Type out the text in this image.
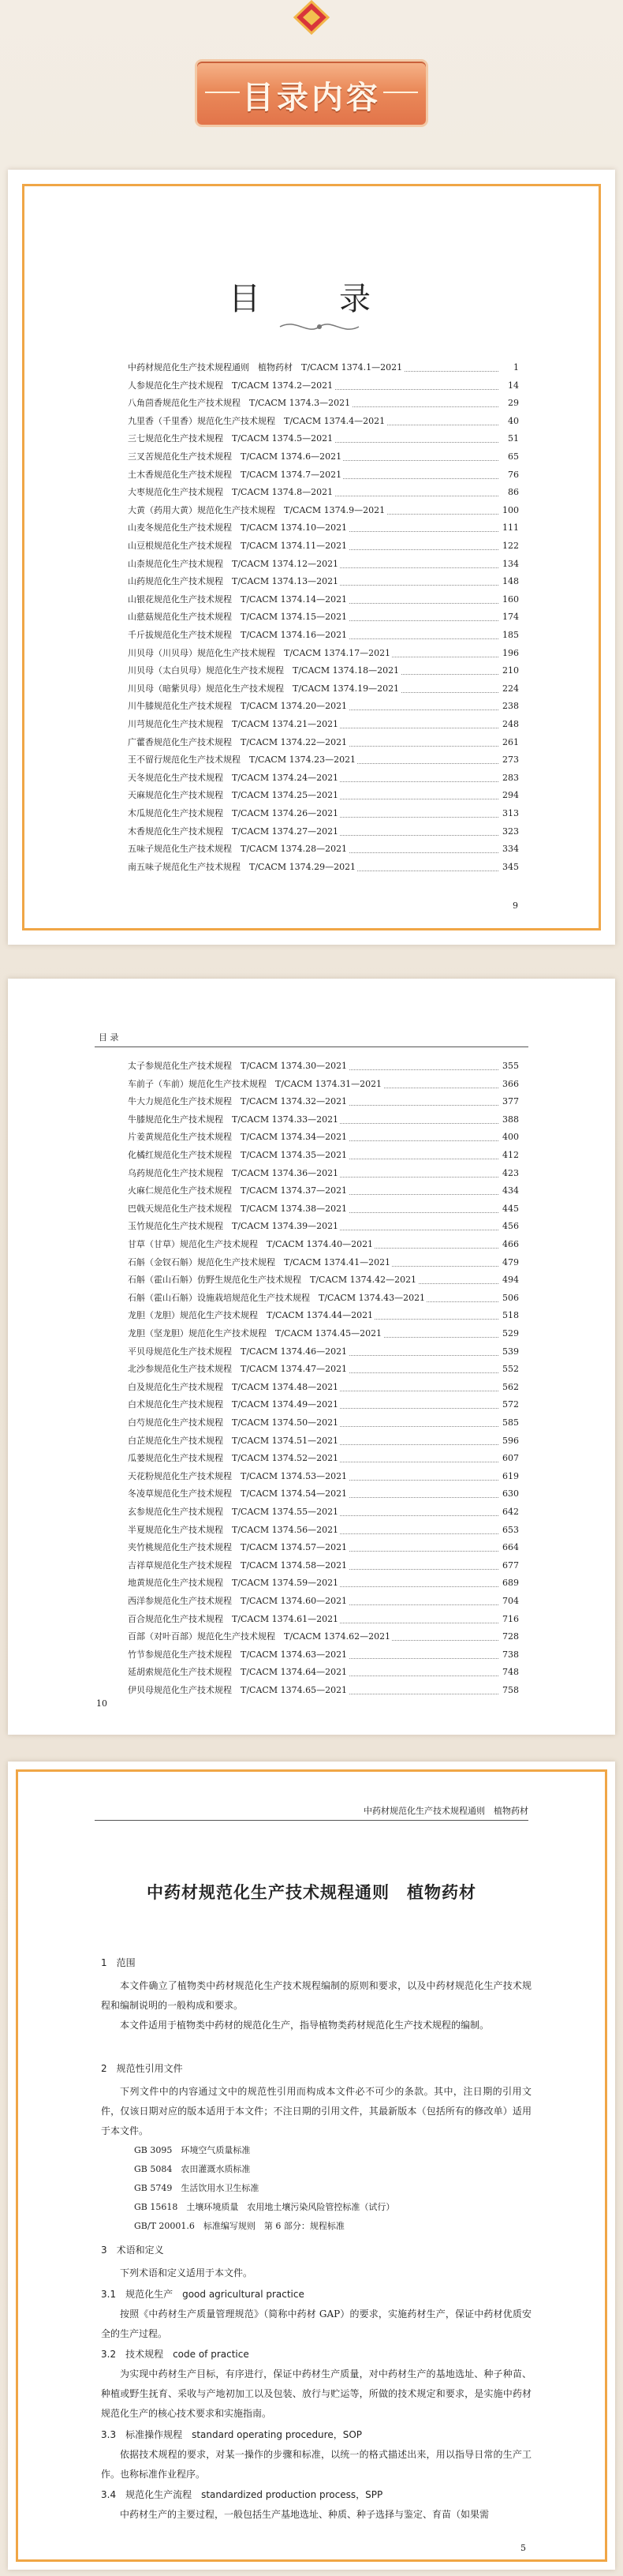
目录内容
目　录
中药材规范化生产技术规程通则　植物药材　T/CACM 1374.1—2021	1
人参规范化生产技术规程　T/CACM 1374.2—2021	14
八角茴香规范化生产技术规程　T/CACM 1374.3—2021	29
九里香（千里香）规范化生产技术规程　T/CACM 1374.4—2021	40
三七规范化生产技术规程　T/CACM 1374.5—2021	51
三叉苦规范化生产技术规程　T/CACM 1374.6—2021	65
土木香规范化生产技术规程　T/CACM 1374.7—2021	76
大枣规范化生产技术规程　T/CACM 1374.8—2021	86
大黄（药用大黄）规范化生产技术规程　T/CACM 1374.9—2021	100
山麦冬规范化生产技术规程　T/CACM 1374.10—2021	111
山豆根规范化生产技术规程　T/CACM 1374.11—2021	122
山柰规范化生产技术规程　T/CACM 1374.12—2021	134
山药规范化生产技术规程　T/CACM 1374.13—2021	148
山银花规范化生产技术规程　T/CACM 1374.14—2021	160
山慈菇规范化生产技术规程　T/CACM 1374.15—2021	174
千斤拔规范化生产技术规程　T/CACM 1374.16—2021	185
川贝母（川贝母）规范化生产技术规程　T/CACM 1374.17—2021	196
川贝母（太白贝母）规范化生产技术规程　T/CACM 1374.18—2021	210
川贝母（暗紫贝母）规范化生产技术规程　T/CACM 1374.19—2021	224
川牛膝规范化生产技术规程　T/CACM 1374.20—2021	238
川芎规范化生产技术规程　T/CACM 1374.21—2021	248
广藿香规范化生产技术规程　T/CACM 1374.22—2021	261
王不留行规范化生产技术规程　T/CACM 1374.23—2021	273
天冬规范化生产技术规程　T/CACM 1374.24—2021	283
天麻规范化生产技术规程　T/CACM 1374.25—2021	294
木瓜规范化生产技术规程　T/CACM 1374.26—2021	313
木香规范化生产技术规程　T/CACM 1374.27—2021	323
五味子规范化生产技术规程　T/CACM 1374.28—2021	334
南五味子规范化生产技术规程　T/CACM 1374.29—2021	345
9
目 录
太子参规范化生产技术规程　T/CACM 1374.30—2021	355
车前子（车前）规范化生产技术规程　T/CACM 1374.31—2021	366
牛大力规范化生产技术规程　T/CACM 1374.32—2021	377
牛膝规范化生产技术规程　T/CACM 1374.33—2021	388
片姜黄规范化生产技术规程　T/CACM 1374.34—2021	400
化橘红规范化生产技术规程　T/CACM 1374.35—2021	412
乌药规范化生产技术规程　T/CACM 1374.36—2021	423
火麻仁规范化生产技术规程　T/CACM 1374.37—2021	434
巴戟天规范化生产技术规程　T/CACM 1374.38—2021	445
玉竹规范化生产技术规程　T/CACM 1374.39—2021	456
甘草（甘草）规范化生产技术规程　T/CACM 1374.40—2021	466
石斛（金钗石斛）规范化生产技术规程　T/CACM 1374.41—2021	479
石斛（霍山石斛）仿野生规范化生产技术规程　T/CACM 1374.42—2021	494
石斛（霍山石斛）设施栽培规范化生产技术规程　T/CACM 1374.43—2021	506
龙胆（龙胆）规范化生产技术规程　T/CACM 1374.44—2021	518
龙胆（坚龙胆）规范化生产技术规程　T/CACM 1374.45—2021	529
平贝母规范化生产技术规程　T/CACM 1374.46—2021	539
北沙参规范化生产技术规程　T/CACM 1374.47—2021	552
白及规范化生产技术规程　T/CACM 1374.48—2021	562
白术规范化生产技术规程　T/CACM 1374.49—2021	572
白芍规范化生产技术规程　T/CACM 1374.50—2021	585
白芷规范化生产技术规程　T/CACM 1374.51—2021	596
瓜蒌规范化生产技术规程　T/CACM 1374.52—2021	607
天花粉规范化生产技术规程　T/CACM 1374.53—2021	619
冬凌草规范化生产技术规程　T/CACM 1374.54—2021	630
玄参规范化生产技术规程　T/CACM 1374.55—2021	642
半夏规范化生产技术规程　T/CACM 1374.56—2021	653
夹竹桃规范化生产技术规程　T/CACM 1374.57—2021	664
吉祥草规范化生产技术规程　T/CACM 1374.58—2021	677
地黄规范化生产技术规程　T/CACM 1374.59—2021	689
西洋参规范化生产技术规程　T/CACM 1374.60—2021	704
百合规范化生产技术规程　T/CACM 1374.61—2021	716
百部（对叶百部）规范化生产技术规程　T/CACM 1374.62—2021	728
竹节参规范化生产技术规程　T/CACM 1374.63—2021	738
延胡索规范化生产技术规程　T/CACM 1374.64—2021	748
伊贝母规范化生产技术规程　T/CACM 1374.65—2021	758
10
中药材规范化生产技术规程通则　植物药材
中药材规范化生产技术规程通则　植物药材
1　范围
本文件确立了植物类中药材规范化生产技术规程编制的原则和要求，以及中药材规范化生产技术规程和编制说明的一般构成和要求。
本文件适用于植物类中药材的规范化生产，指导植物类药材规范化生产技术规程的编制。
2　规范性引用文件
下列文件中的内容通过文中的规范性引用而构成本文件必不可少的条款。其中，注日期的引用文件，仅该日期对应的版本适用于本文件；不注日期的引用文件，其最新版本（包括所有的修改单）适用于本文件。
GB 3095　环境空气质量标准
GB 5084　农田灌溉水质标准
GB 5749　生活饮用水卫生标准
GB 15618　土壤环境质量　农用地土壤污染风险管控标准（试行）
GB/T 20001.6　标准编写规则　第 6 部分：规程标准
3　术语和定义
下列术语和定义适用于本文件。
3.1　规范化生产　good agricultural practice
按照《中药材生产质量管理规范》（简称中药材 GAP）的要求，实施药材生产，保证中药材优质安全的生产过程。
3.2　技术规程　code of practice
为实现中药材生产目标，有序进行，保证中药材生产质量，对中药材生产的基地选址、种子种苗、种植或野生抚育、采收与产地初加工以及包装、放行与贮运等，所做的技术规定和要求，是实施中药材规范化生产的核心技术要求和实施指南。
3.3　标准操作规程　standard operating procedure，SOP
依据技术规程的要求，对某一操作的步骤和标准，以统一的格式描述出来，用以指导日常的生产工作。也称标准作业程序。
3.4　规范化生产流程　standardized production process，SPP
中药材生产的主要过程，一般包括生产基地选址、种质、种子选择与鉴定、育苗（如果需
5
